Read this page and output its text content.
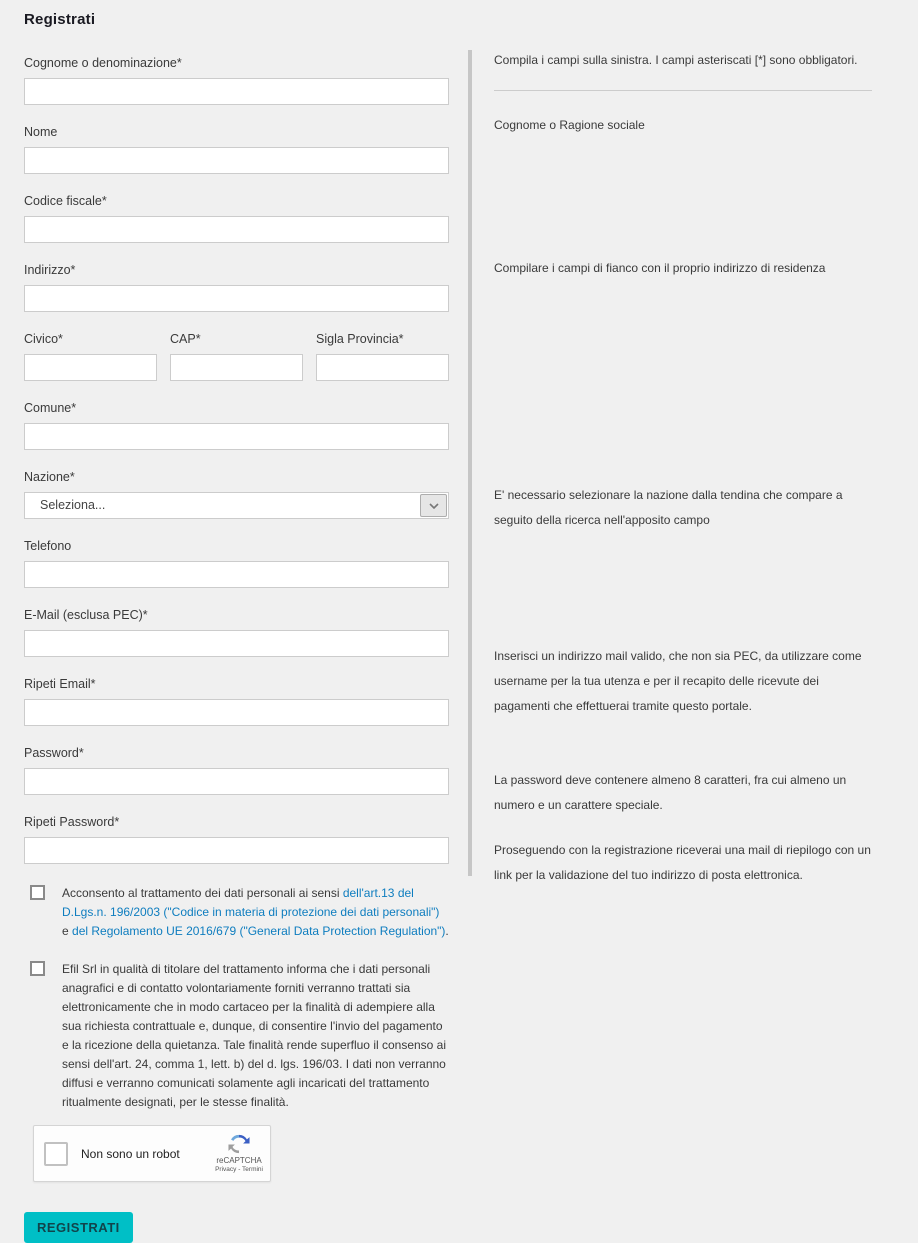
Registrati
Cognome o denominazione*
Nome
Codice fiscale*
Indirizzo*
Civico*	CAP*	Sigla Provincia*
Comune*
Nazione*
Seleziona...
Telefono
E-Mail (esclusa PEC)*
Ripeti Email*
Password*
Ripeti Password*
Acconsento al trattamento dei dati personali ai sensi dell'art.13 del D.Lgs.n. 196/2003 ("Codice in materia di protezione dei dati personali") e del Regolamento UE 2016/679 ("General Data Protection Regulation").
Efil Srl in qualità di titolare del trattamento informa che i dati personali anagrafici e di contatto volontariamente forniti verranno trattati sia elettronicamente che in modo cartaceo per la finalità di adempiere alla sua richiesta contrattuale e, dunque, di consentire l'invio del pagamento e la ricezione della quietanza. Tale finalità rende superfluo il consenso ai sensi dell'art. 24, comma 1, lett. b) del d. lgs. 196/03. I dati non verranno diffusi e verranno comunicati solamente agli incaricati del trattamento ritualmente designati, per le stesse finalità.
Non sono un robot
reCAPTCHA
Privacy - Termini
REGISTRATI
Compila i campi sulla sinistra. I campi asteriscati [*] sono obbligatori.
Cognome o Ragione sociale
Compilare i campi di fianco con il proprio indirizzo di residenza
E' necessario selezionare la nazione dalla tendina che compare a seguito della ricerca nell'apposito campo
Inserisci un indirizzo mail valido, che non sia PEC, da utilizzare come username per la tua utenza e per il recapito delle ricevute dei pagamenti che effettuerai tramite questo portale.
La password deve contenere almeno 8 caratteri, fra cui almeno un numero e un carattere speciale.
Proseguendo con la registrazione riceverai una mail di riepilogo con un link per la validazione del tuo indirizzo di posta elettronica.
